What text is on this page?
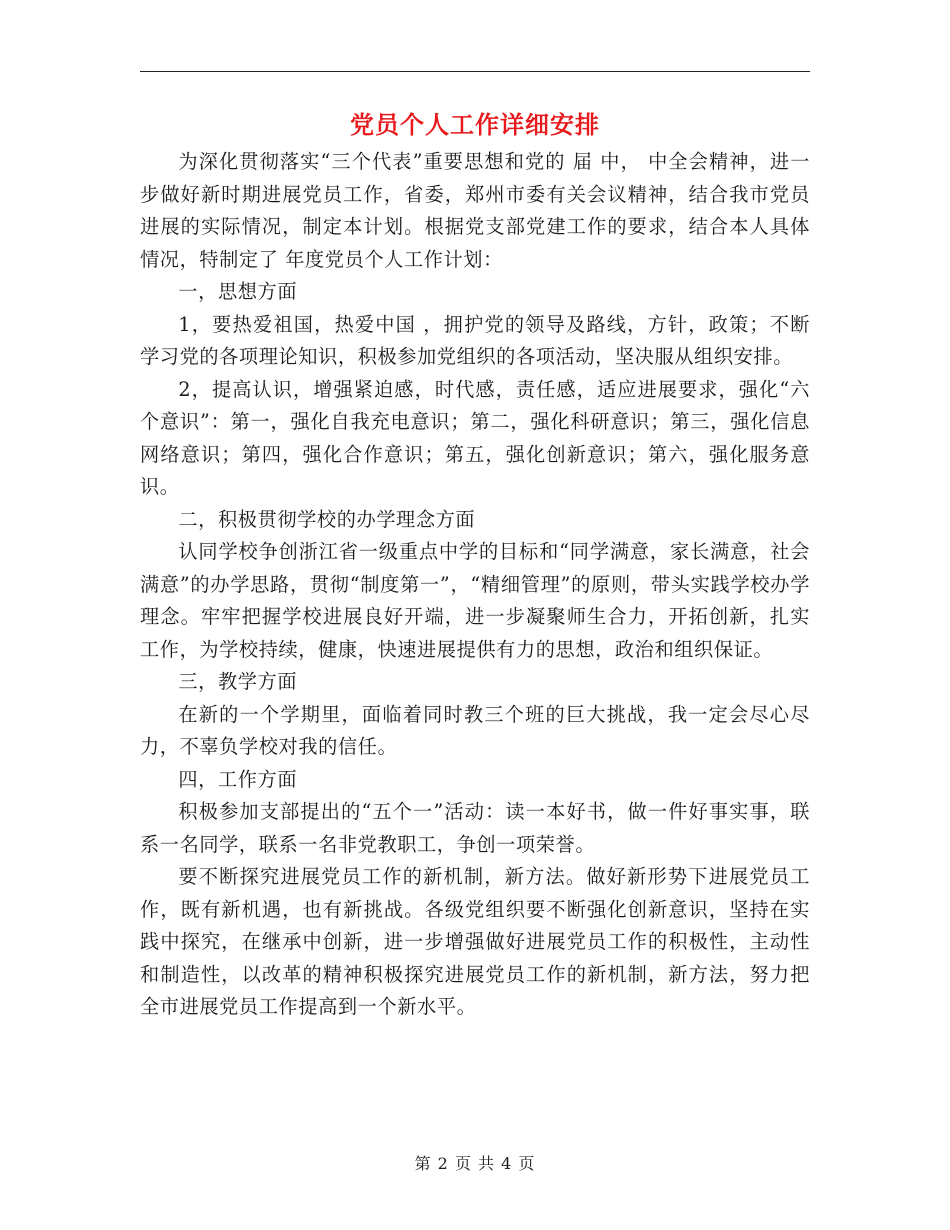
党员个人工作详细安排

为深化贯彻落实“三个代表”重要思想和党的 届 中， 中全会精神，进一步做好新时期进展党员工作，省委，郑州市委有关会议精神，结合我市党员进展的实际情况，制定本计划。根据党支部党建工作的要求，结合本人具体情况，特制定了 年度党员个人工作计划：

一，思想方面

1，要热爱祖国，热爱中国 ，拥护党的领导及路线，方针，政策；不断学习党的各项理论知识，积极参加党组织的各项活动，坚决服从组织安排。

2，提高认识，增强紧迫感，时代感，责任感，适应进展要求，强化“六个意识”：第一，强化自我充电意识；第二，强化科研意识；第三，强化信息网络意识；第四，强化合作意识；第五，强化创新意识；第六，强化服务意识。

二，积极贯彻学校的办学理念方面

认同学校争创浙江省一级重点中学的目标和“同学满意，家长满意，社会满意”的办学思路，贯彻“制度第一”，“精细管理”的原则，带头实践学校办学理念。牢牢把握学校进展良好开端，进一步凝聚师生合力，开拓创新，扎实工作，为学校持续，健康，快速进展提供有力的思想，政治和组织保证。

三，教学方面

在新的一个学期里，面临着同时教三个班的巨大挑战，我一定会尽心尽力，不辜负学校对我的信任。

四，工作方面

积极参加支部提出的“五个一”活动：读一本好书，做一件好事实事，联系一名同学，联系一名非党教职工，争创一项荣誉。

要不断探究进展党员工作的新机制，新方法。做好新形势下进展党员工作，既有新机遇，也有新挑战。各级党组织要不断强化创新意识，坚持在实践中探究，在继承中创新，进一步增强做好进展党员工作的积极性，主动性和制造性，以改革的精神积极探究进展党员工作的新机制，新方法，努力把全市进展党员工作提高到一个新水平。

第 2 页 共 4 页
